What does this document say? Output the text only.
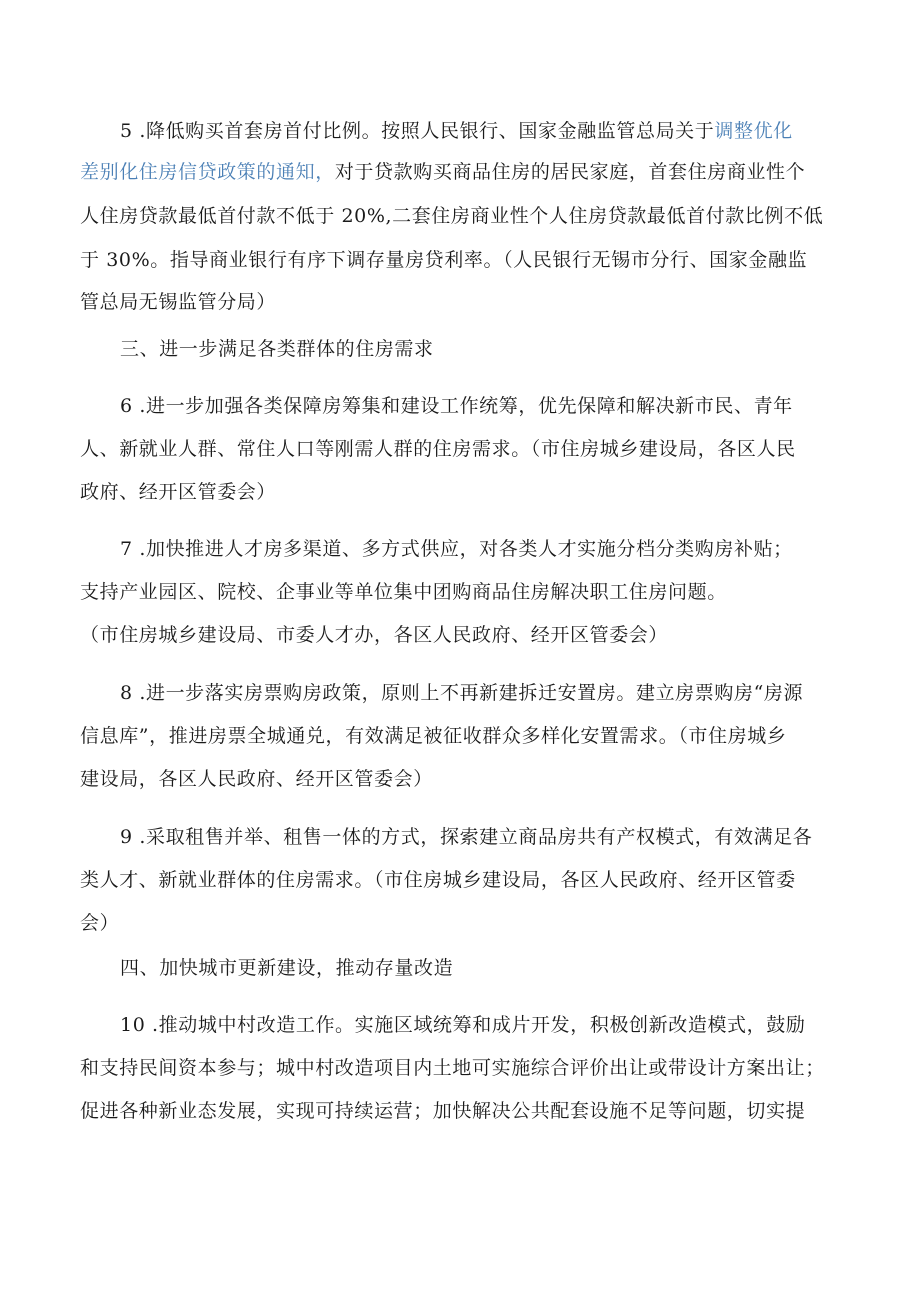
5 .降低购买首套房首付比例。按照人民银行、国家金融监管总局关于调整优化
差别化住房信贷政策的通知，对于贷款购买商品住房的居民家庭，首套住房商业性个
人住房贷款最低首付款不低于 20%,二套住房商业性个人住房贷款最低首付款比例不低
于 30%。指导商业银行有序下调存量房贷利率。（人民银行无锡市分行、国家金融监
管总局无锡监管分局）
三、进一步满足各类群体的住房需求
6 .进一步加强各类保障房筹集和建设工作统筹，优先保障和解决新市民、青年
人、新就业人群、常住人口等刚需人群的住房需求。（市住房城乡建设局，各区人民
政府、经开区管委会）
7 .加快推进人才房多渠道、多方式供应，对各类人才实施分档分类购房补贴；
支持产业园区、院校、企事业等单位集中团购商品住房解决职工住房问题。
（市住房城乡建设局、市委人才办，各区人民政府、经开区管委会）
8 .进一步落实房票购房政策，原则上不再新建拆迁安置房。建立房票购房“房源
信息库”，推进房票全城通兑，有效满足被征收群众多样化安置需求。（市住房城乡
建设局，各区人民政府、经开区管委会）
9 .采取租售并举、租售一体的方式，探索建立商品房共有产权模式，有效满足各
类人才、新就业群体的住房需求。（市住房城乡建设局，各区人民政府、经开区管委
会）
四、加快城市更新建设，推动存量改造
10 .推动城中村改造工作。实施区域统筹和成片开发，积极创新改造模式，鼓励
和支持民间资本参与；城中村改造项目内土地可实施综合评价出让或带设计方案出让；
促进各种新业态发展，实现可持续运营；加快解决公共配套设施不足等问题，切实提
